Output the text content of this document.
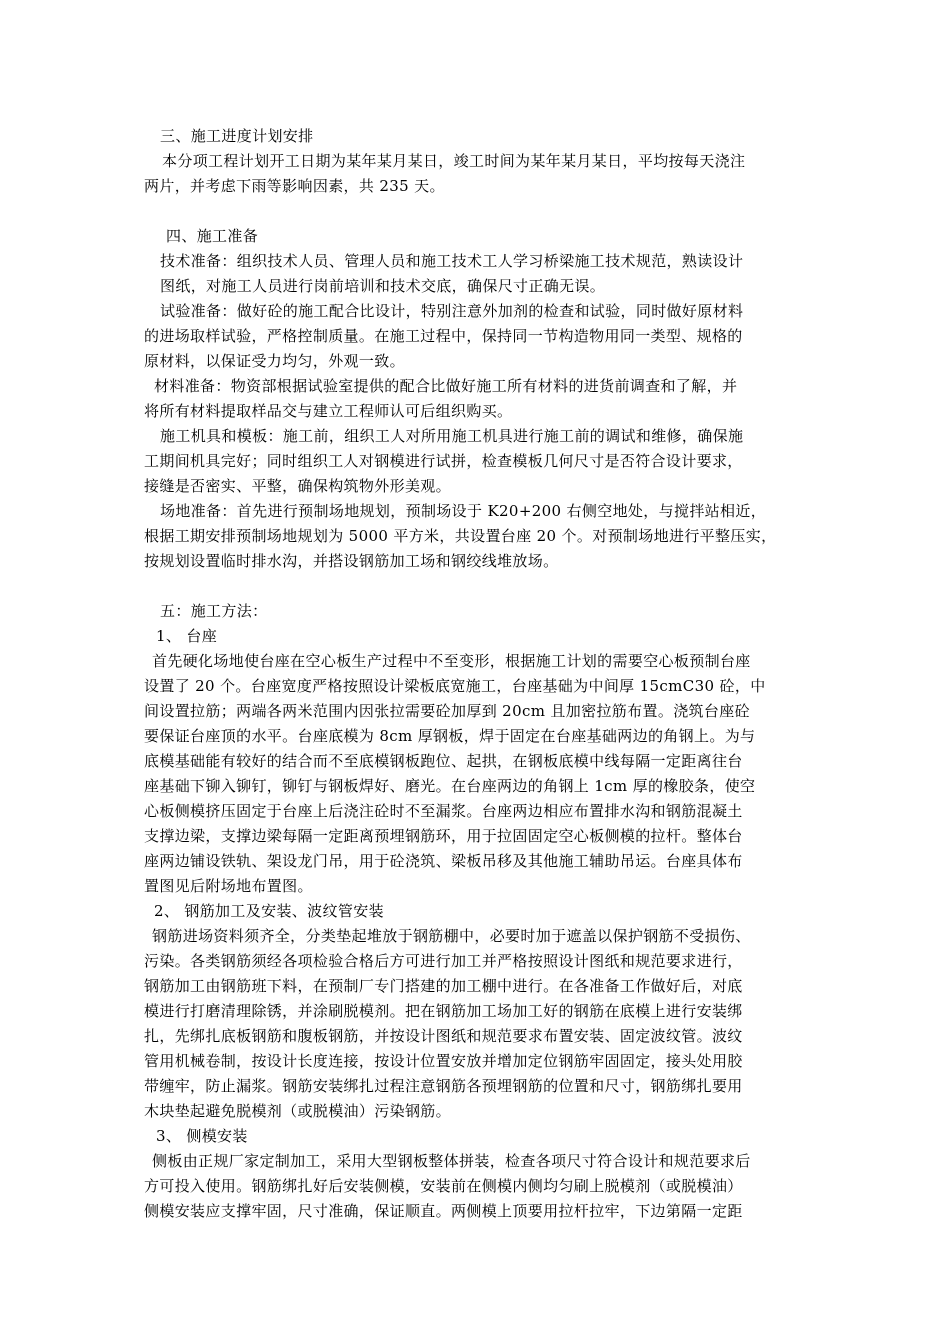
三、施工进度计划安排

本分项工程计划开工日期为某年某月某日，竣工时间为某年某月某日，平均按每天浇注

两片，并考虑下雨等影响因素，共 235 天。

四、施工准备

技术准备：组织技术人员、管理人员和施工技术工人学习桥梁施工技术规范，熟读设计

图纸，对施工人员进行岗前培训和技术交底，确保尺寸正确无误。

试验准备：做好砼的施工配合比设计，特别注意外加剂的检查和试验，同时做好原材料

的进场取样试验，严格控制质量。在施工过程中，保持同一节构造物用同一类型、规格的

原材料，以保证受力均匀，外观一致。

材料准备：物资部根据试验室提供的配合比做好施工所有材料的进货前调查和了解，并

将所有材料提取样品交与建立工程师认可后组织购买。

施工机具和模板：施工前，组织工人对所用施工机具进行施工前的调试和维修，确保施

工期间机具完好；同时组织工人对钢模进行试拼，检查模板几何尺寸是否符合设计要求，

接缝是否密实、平整，确保构筑物外形美观。

场地准备：首先进行预制场地规划，预制场设于 K20+200 右侧空地处，与搅拌站相近，

根据工期安排预制场地规划为 5000 平方米，共设置台座 20 个。对预制场地进行平整压实，

按规划设置临时排水沟，并搭设钢筋加工场和钢绞线堆放场。

五：施工方法：

1、 台座

首先硬化场地使台座在空心板生产过程中不至变形，根据施工计划的需要空心板预制台座

设置了 20 个。台座宽度严格按照设计梁板底宽施工，台座基础为中间厚 15cmC30 砼，中

间设置拉筋；两端各两米范围内因张拉需要砼加厚到 20cm 且加密拉筋布置。浇筑台座砼

要保证台座顶的水平。台座底模为 8cm 厚钢板，焊于固定在台座基础两边的角钢上。为与

底模基础能有较好的结合而不至底模钢板跑位、起拱，在钢板底模中线每隔一定距离往台

座基础下铆入铆钉，铆钉与钢板焊好、磨光。在台座两边的角钢上 1cm 厚的橡胶条，使空

心板侧模挤压固定于台座上后浇注砼时不至漏浆。台座两边相应布置排水沟和钢筋混凝土

支撑边梁，支撑边梁每隔一定距离预埋钢筋环，用于拉固固定空心板侧模的拉杆。整体台

座两边铺设铁轨、架设龙门吊，用于砼浇筑、梁板吊移及其他施工辅助吊运。台座具体布

置图见后附场地布置图。

2、 钢筋加工及安装、波纹管安装

钢筋进场资料须齐全，分类垫起堆放于钢筋棚中，必要时加于遮盖以保护钢筋不受损伤、

污染。各类钢筋须经各项检验合格后方可进行加工并严格按照设计图纸和规范要求进行，

钢筋加工由钢筋班下料，在预制厂专门搭建的加工棚中进行。在各准备工作做好后，对底

模进行打磨清理除锈，并涂刷脱模剂。把在钢筋加工场加工好的钢筋在底模上进行安装绑

扎，先绑扎底板钢筋和腹板钢筋，并按设计图纸和规范要求布置安装、固定波纹管。波纹

管用机械卷制，按设计长度连接，按设计位置安放并增加定位钢筋牢固固定，接头处用胶

带缠牢，防止漏浆。钢筋安装绑扎过程注意钢筋各预埋钢筋的位置和尺寸，钢筋绑扎要用

木块垫起避免脱模剂（或脱模油）污染钢筋。

3、 侧模安装

侧板由正规厂家定制加工，采用大型钢板整体拼装，检查各项尺寸符合设计和规范要求后

方可投入使用。钢筋绑扎好后安装侧模，安装前在侧模内侧均匀刷上脱模剂（或脱模油）

侧模安装应支撑牢固，尺寸准确，保证顺直。两侧模上顶要用拉杆拉牢，下边第隔一定距
